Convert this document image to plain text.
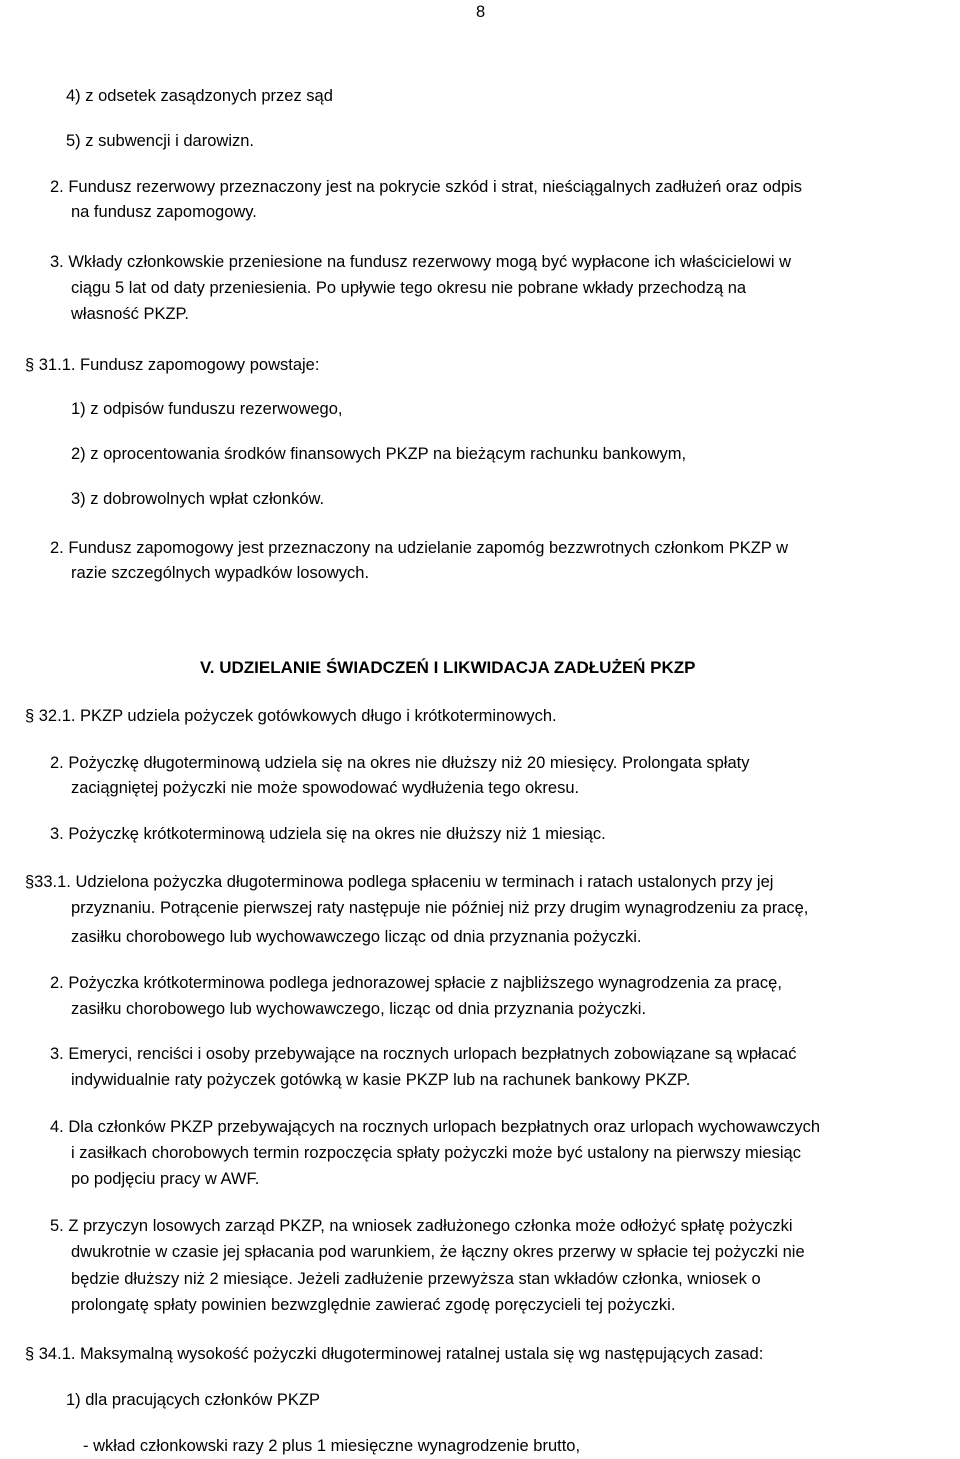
8
4) z odsetek zasądzonych przez sąd
5) z subwencji i darowizn.
2. Fundusz rezerwowy przeznaczony jest na pokrycie szkód i strat, nieściągalnych zadłużeń oraz odpis
na fundusz zapomogowy.
3. Wkłady członkowskie przeniesione na fundusz rezerwowy mogą być wypłacone ich właścicielowi w
ciągu 5 lat od daty przeniesienia. Po upływie tego okresu nie pobrane wkłady przechodzą na
własność PKZP.
§ 31.1. Fundusz zapomogowy powstaje:
1) z odpisów funduszu rezerwowego,
2) z oprocentowania środków finansowych PKZP na bieżącym rachunku bankowym,
3) z dobrowolnych wpłat członków.
2. Fundusz zapomogowy jest przeznaczony na udzielanie zapomóg bezzwrotnych członkom PKZP w
razie szczególnych wypadków losowych.
V. UDZIELANIE ŚWIADCZEŃ I LIKWIDACJA ZADŁUŻEŃ PKZP
§ 32.1. PKZP udziela pożyczek gotówkowych długo i krótkoterminowych.
2. Pożyczkę długoterminową udziela się na okres nie dłuższy niż 20 miesięcy. Prolongata spłaty
zaciągniętej pożyczki nie może spowodować wydłużenia tego okresu.
3. Pożyczkę krótkoterminową udziela się na okres nie dłuższy niż 1 miesiąc.
§33.1. Udzielona pożyczka długoterminowa podlega spłaceniu w terminach i ratach ustalonych przy jej
przyznaniu. Potrącenie pierwszej raty następuje nie później niż przy drugim wynagrodzeniu za pracę,
zasiłku chorobowego lub wychowawczego licząc od dnia przyznania pożyczki.
2. Pożyczka krótkoterminowa podlega jednorazowej spłacie z najbliższego wynagrodzenia za pracę,
zasiłku chorobowego lub wychowawczego, licząc od dnia przyznania pożyczki.
3. Emeryci, renciści i osoby przebywające na rocznych urlopach bezpłatnych zobowiązane są wpłacać
indywidualnie raty pożyczek gotówką w kasie PKZP lub na rachunek bankowy PKZP.
4. Dla członków PKZP przebywających na rocznych urlopach bezpłatnych oraz urlopach wychowawczych
i zasiłkach chorobowych termin rozpoczęcia spłaty pożyczki może być ustalony na pierwszy miesiąc
po podjęciu pracy w AWF.
5. Z przyczyn losowych zarząd PKZP, na wniosek zadłużonego członka może odłożyć spłatę pożyczki
dwukrotnie w czasie jej spłacania pod warunkiem, że łączny okres przerwy w spłacie tej pożyczki nie
będzie dłuższy niż 2 miesiące. Jeżeli zadłużenie przewyższa stan wkładów członka, wniosek o
prolongatę spłaty powinien bezwzględnie zawierać zgodę poręczycieli tej pożyczki.
§ 34.1. Maksymalną wysokość pożyczki długoterminowej ratalnej ustala się wg następujących zasad:
1) dla pracujących członków PKZP
- wkład członkowski razy 2 plus 1 miesięczne wynagrodzenie brutto,
